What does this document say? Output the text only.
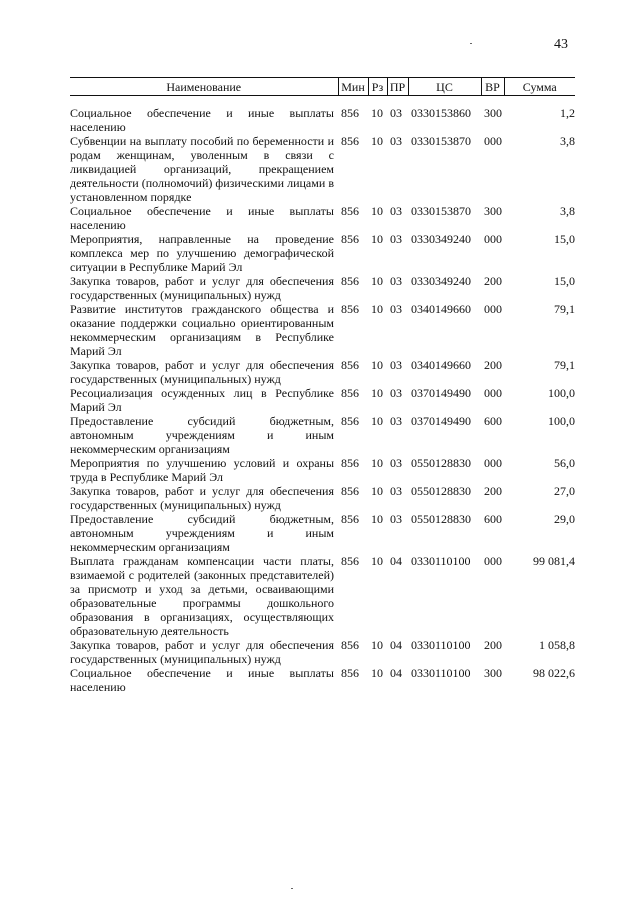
43
Наименование	Мин	Рз	ПР	ЦС	ВР	Сумма
Социальное обеспечение и иные выплаты населению	856	10	03	0330153860	300	1,2
Субвенции на выплату пособий по беременности и родам женщинам, уволенным в связи с ликвидацией организаций, прекращением деятельности (полномочий) физическими лицами в установленном порядке	856	10	03	0330153870	000	3,8
Социальное обеспечение и иные выплаты населению	856	10	03	0330153870	300	3,8
Мероприятия, направленные на проведение комплекса мер по улучшению демографической ситуации в Республике Марий Эл	856	10	03	0330349240	000	15,0
Закупка товаров, работ и услуг для обеспечения государственных (муниципальных) нужд	856	10	03	0330349240	200	15,0
Развитие институтов гражданского общества и оказание поддержки социально ориентированным некоммерческим организациям в Республике Марий Эл	856	10	03	0340149660	000	79,1
Закупка товаров, работ и услуг для обеспечения государственных (муниципальных) нужд	856	10	03	0340149660	200	79,1
Ресоциализация осужденных лиц в Республике Марий Эл	856	10	03	0370149490	000	100,0
Предоставление субсидий бюджетным, автономным учреждениям и иным некоммерческим организациям	856	10	03	0370149490	600	100,0
Мероприятия по улучшению условий и охраны труда в Республике Марий Эл	856	10	03	0550128830	000	56,0
Закупка товаров, работ и услуг для обеспечения государственных (муниципальных) нужд	856	10	03	0550128830	200	27,0
Предоставление субсидий бюджетным, автономным учреждениям и иным некоммерческим организациям	856	10	03	0550128830	600	29,0
Выплата гражданам компенсации части платы, взимаемой с родителей (законных представителей) за присмотр и уход за детьми, осваивающими образовательные программы дошкольного образования в организациях, осуществляющих образовательную деятельность	856	10	04	0330110100	000	99 081,4
Закупка товаров, работ и услуг для обеспечения государственных (муниципальных) нужд	856	10	04	0330110100	200	1 058,8
Социальное обеспечение и иные выплаты населению	856	10	04	0330110100	300	98 022,6
